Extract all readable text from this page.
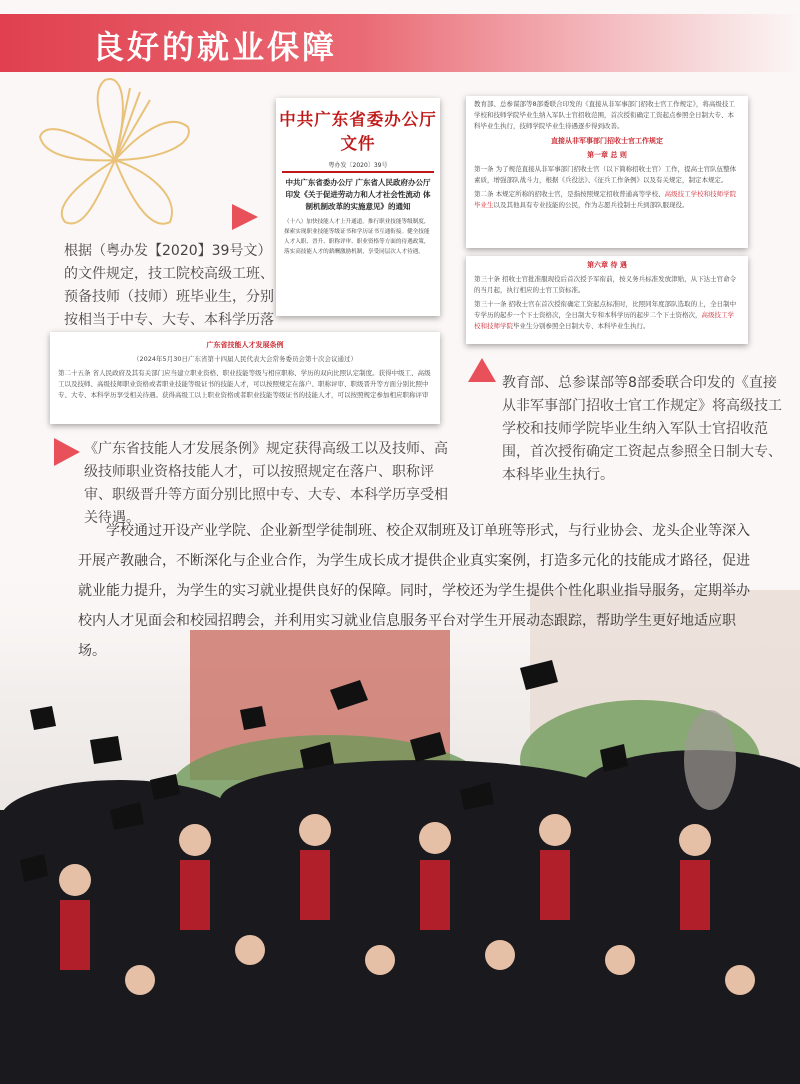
良好的就业保障
中共广东省委办公厅文件
粤办发〔2020〕39号
中共广东省委办公厅 广东省人民政府办公厅 印发《关于促进劳动力和人才社会性流动 体制机制改革的实施意见》的通知
（十八）加快技能人才上升通道。推行职业技能等级制度，探索实现职业技能等级证书和学历证书互通衔接。健全技能人才入职、晋升、职称评审、职业资格等方面的待遇政策，落实高技能人才的薪酬激励机制，享受同层次人才待遇。

根据（粤办发【2020】39号文）的文件规定，技工院校高级工班、预备技师（技师）班毕业生，分别按相当于中专、大专、本科学历落

教育部、总参谋部等8部委联合印发的《直接从非军事部门招收士官工作规定》，将高级技工学校和技师学院毕业生纳入军队士官招收范围，首次授衔确定工资起点参照全日制大专、本科毕业生执行，技师学院毕业生待遇逐步得到改善。
直接从非军事部门招收士官工作规定
第一章 总 则
第一条 为了规范直接从非军事部门招收士官（以下简称招收士官）工作，提高士官队伍整体素质，增强部队战斗力，根据《兵役法》、《征兵工作条例》以及有关规定，制定本规定。
第二条 本规定所称的招收士官，是指按照规定招收普通高等学校、高级技工学校和技师学院毕业生以及其他具有专业技能的公民，作为志愿兵役制士兵到部队服现役。
第六章 待 遇
第三十条 招收士官批准服现役后首次授予军衔前，按义务兵标准发放津贴，从下达士官命令的当月起，执行相应的士官工资标准。
第三十一条 招收士官在首次授衔确定工资起点标准时，比照同年度部队选取的上，全日制中专学历的起步一个下士资格次，全日制大专和本科学历的起步二个下士资格次，高级技工学校和技师学院毕业生分别参照全日制大专、本科毕业生执行。

教育部、总参谋部等8部委联合印发的《直接从非军事部门招收士官工作规定》将高级技工学校和技师学院毕业生纳入军队士官招收范围，首次授衔确定工资起点参照全日制大专、本科毕业生执行。

广东省技能人才发展条例
（2024年5月30日广东省第十四届人民代表大会常务委员会第十次会议通过）
第二十五条 省人民政府及其有关部门应当建立职业资格、职业技能等级与相应职称、学历的双向比照认定制度。获得中级工、高级工以及技师、高级技师职业资格或者职业技能等级证书的技能人才，可以按照规定在落户、职称评审、职级晋升等方面分别比照中专、大专、本科学历享受相关待遇。获得高级工以上职业资格或者职业技能等级证书的技能人才，可以按照规定参加相应职称评审

《广东省技能人才发展条例》规定获得高级工以及技师、高级技师职业资格技能人才，可以按照规定在落户、职称评审、职级晋升等方面分别比照中专、大专、本科学历享受相关待遇。

学校通过开设产业学院、企业新型学徒制班、校企双制班及订单班等形式，与行业协会、龙头企业等深入开展产教融合，不断深化与企业合作，为学生成长成才提供企业真实案例，打造多元化的技能成才路径，促进就业能力提升，为学生的实习就业提供良好的保障。同时，学校还为学生提供个性化职业指导服务，定期举办校内人才见面会和校园招聘会，并利用实习就业信息服务平台对学生开展动态跟踪，帮助学生更好地适应职场。
